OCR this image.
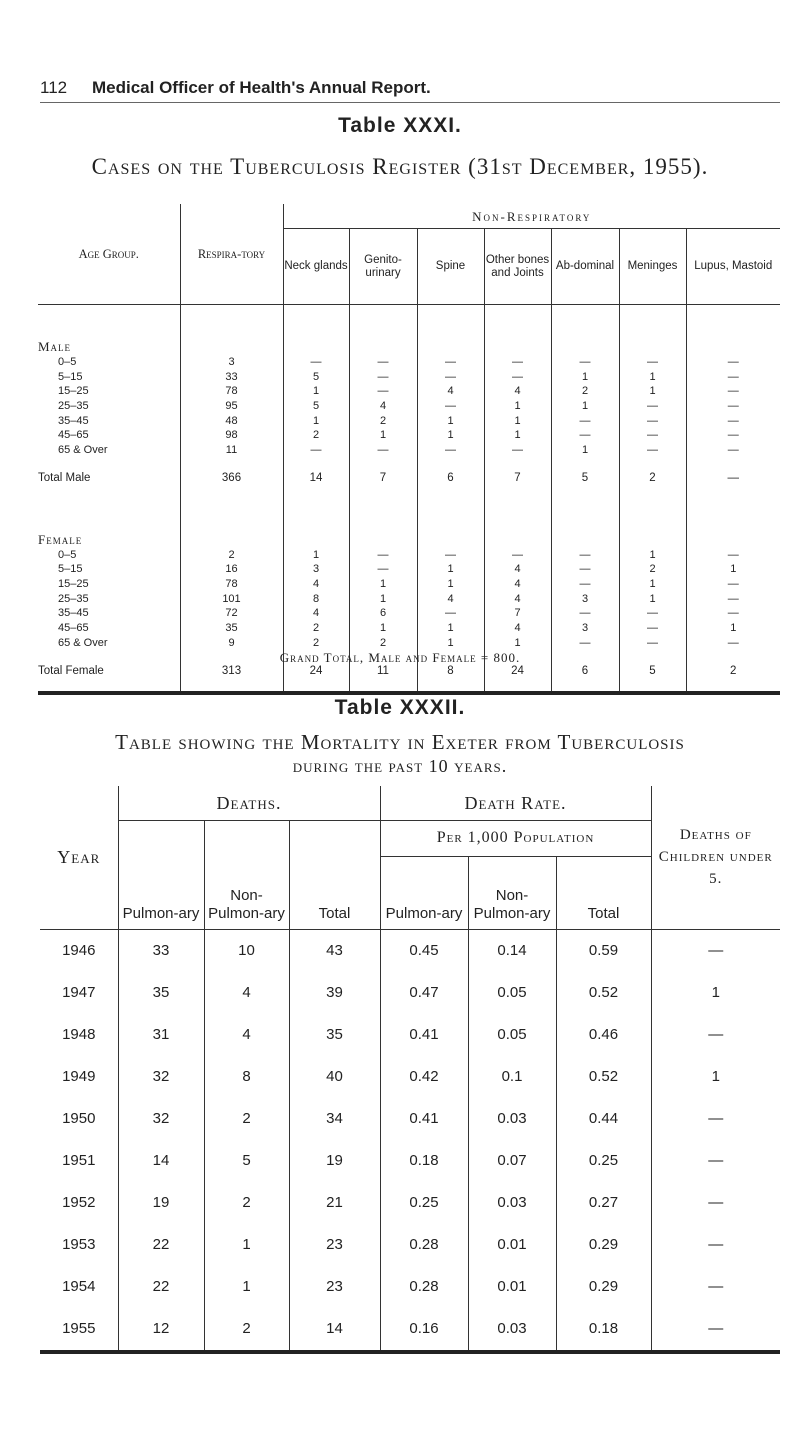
112 Medical Officer of Health's Annual Report.
Table XXXI.
Cases on the Tuberculosis Register (31st December, 1955).
Age Group.	Respira-tory	Non-Respiratory						
		Neck glands	Genito-urinary	Spine	Other bones and Joints	Ab-dominal	Meninges	Lupus, Mastoid
Male								
0–5	3	—	—	—	—	—	—	—
5–15	33	5	—	—	—	1	1	—
15–25	78	1	—	4	4	2	1	—
25–35	95	5	4	—	1	1	—	—
35–45	48	1	2	1	1	—	—	—
45–65	98	2	1	1	1	—	—	—
65 & Over	11	—	—	—	—	1	—	—
Total Male	366	14	7	6	7	5	2	—
Female								
0–5	2	1	—	—	—	—	1	—
5–15	16	3	—	1	4	—	2	1
15–25	78	4	1	1	4	—	1	—
25–35	101	8	1	4	4	3	1	—
35–45	72	4	6	—	7	—	—	—
45–65	35	2	1	1	4	3	—	1
65 & Over	9	2	2	1	1	—	—	—
Total Female	313	24	11	8	24	6	5	2
Grand Total, Male and Female = 800.
Table XXXII.
Table showing the Mortality in Exeter from Tuberculosis
during the past 10 years.
Year	Deaths.			Death Rate.			Deaths of Children under 5.
	Pulmon-ary	Non-Pulmon-ary	Total	Per 1,000 Population			
				Pulmon-ary	Non-Pulmon-ary	Total	
1946	33	10	43	0.45	0.14	0.59	—
1947	35	4	39	0.47	0.05	0.52	1
1948	31	4	35	0.41	0.05	0.46	—
1949	32	8	40	0.42	0.1	0.52	1
1950	32	2	34	0.41	0.03	0.44	—
1951	14	5	19	0.18	0.07	0.25	—
1952	19	2	21	0.25	0.03	0.27	—
1953	22	1	23	0.28	0.01	0.29	—
1954	22	1	23	0.28	0.01	0.29	—
1955	12	2	14	0.16	0.03	0.18	—
